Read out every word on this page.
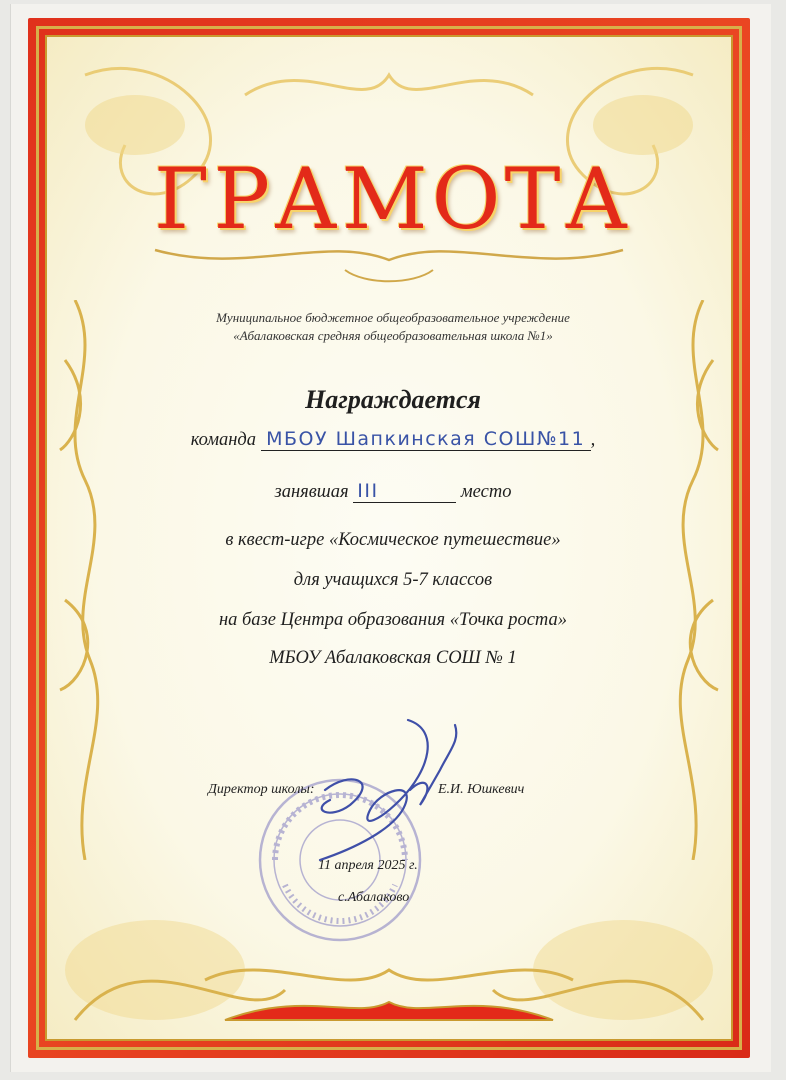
ГРАМОТА
Муниципальное бюджетное общеобразовательное учреждение
«Абалаковская средняя общеобразовательная школа №1»
Награждается
команда МБОУ Шапкинская СОШ№11 ,
занявшая III	место
в квест-игре «Космическое путешествие»
для учащихся 5-7 классов
на базе Центра образования «Точка роста»
МБОУ Абалаковская СОШ № 1
Директор школы:	Е.И. Юшкевич
11 апреля 2025 г.
с.Абалаково
